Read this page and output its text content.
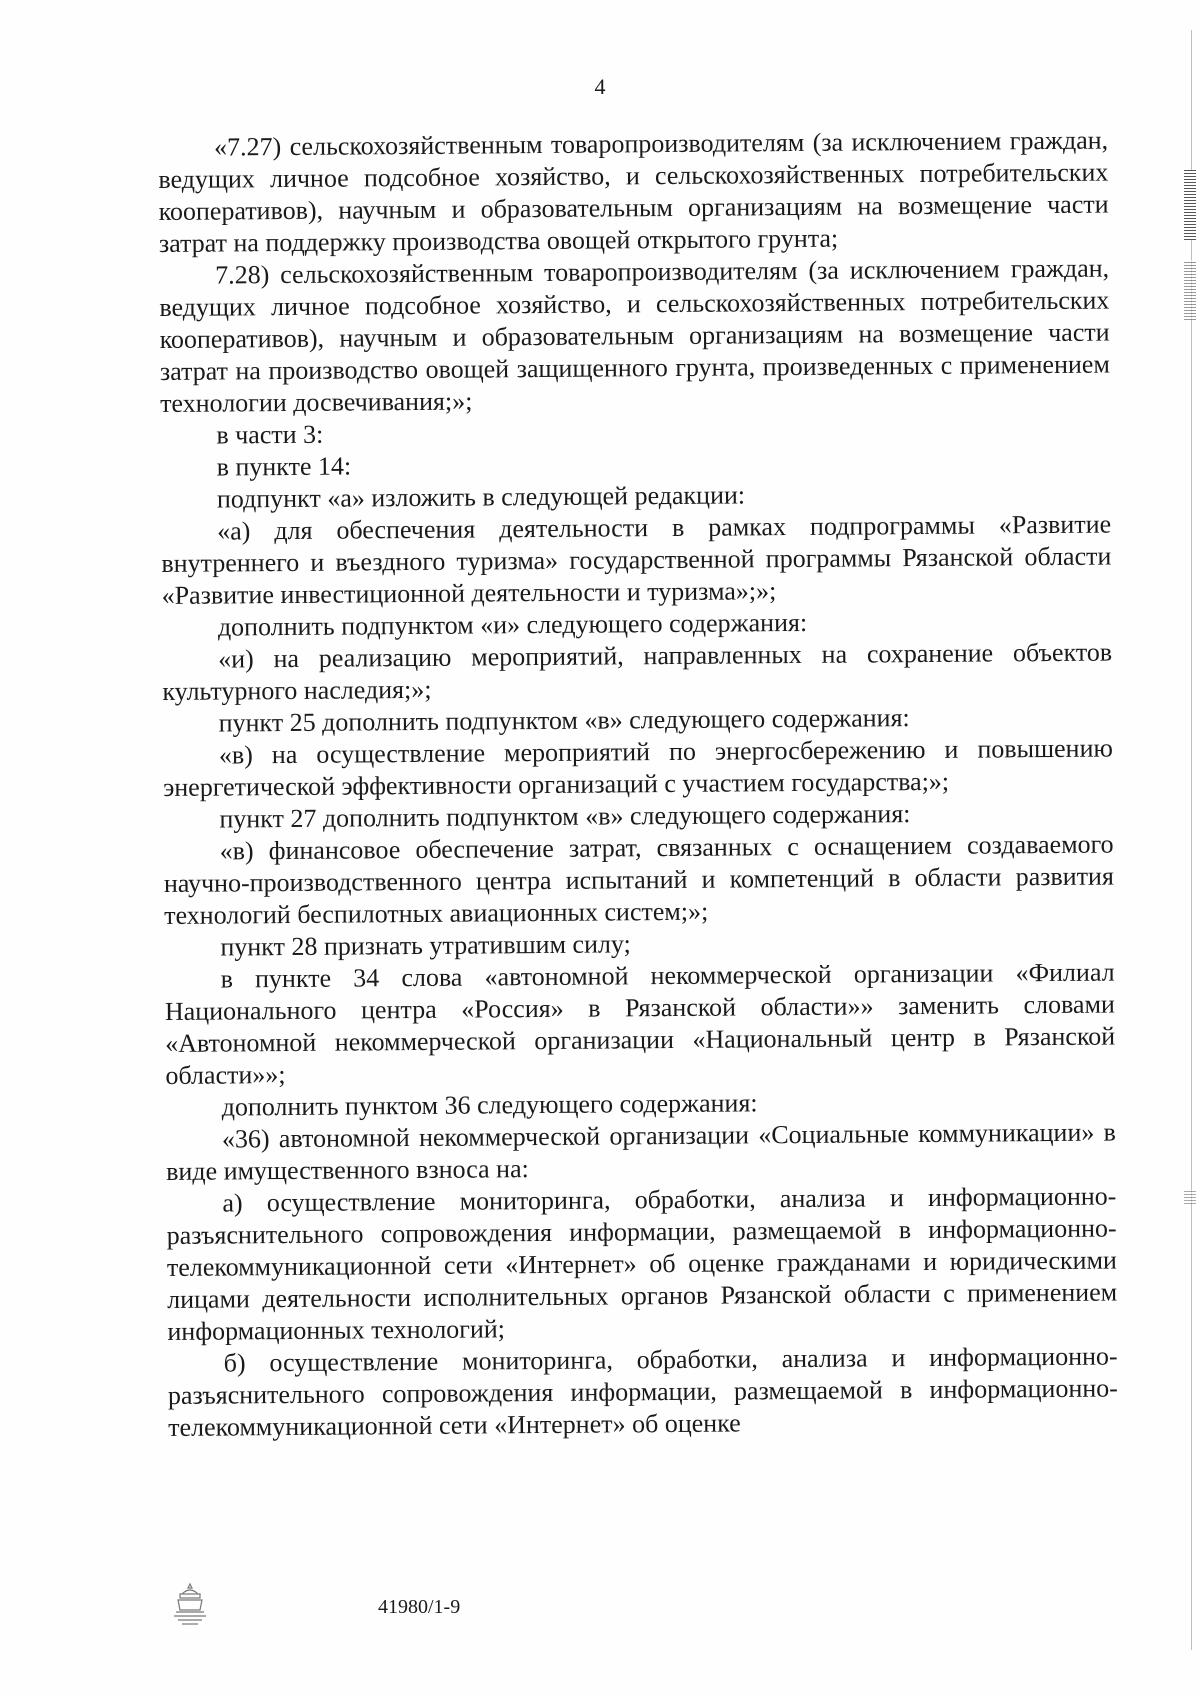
4

«7.27) сельскохозяйственным товаропроизводителям (за исключением граждан, ведущих личное подсобное хозяйство, и сельскохозяйственных потребительских кооперативов), научным и образовательным организациям на возмещение части затрат на поддержку производства овощей открытого грунта;

7.28) сельскохозяйственным товаропроизводителям (за исключением граждан, ведущих личное подсобное хозяйство, и сельскохозяйственных потребительских кооперативов), научным и образовательным организациям на возмещение части затрат на производство овощей защищенного грунта, произведенных с применением технологии досвечивания;»;

в части 3:

в пункте 14:

подпункт «а» изложить в следующей редакции:

«а) для обеспечения деятельности в рамках подпрограммы «Развитие внутреннего и въездного туризма» государственной программы Рязанской области «Развитие инвестиционной деятельности и туризма»;»;

дополнить подпунктом «и» следующего содержания:

«и) на реализацию мероприятий, направленных на сохранение объектов культурного наследия;»;

пункт 25 дополнить подпунктом «в» следующего содержания:

«в) на осуществление мероприятий по энергосбережению и повышению энергетической эффективности организаций с участием государства;»;

пункт 27 дополнить подпунктом «в» следующего содержания:

«в) финансовое обеспечение затрат, связанных с оснащением создаваемого научно-производственного центра испытаний и компетенций в области развития технологий беспилотных авиационных систем;»;

пункт 28 признать утратившим силу;

в пункте 34 слова «автономной некоммерческой организации «Филиал Национального центра «Россия» в Рязанской области»» заменить словами «Автономной некоммерческой организации «Национальный центр в Рязанской области»»;

дополнить пунктом 36 следующего содержания:

«36) автономной некоммерческой организации «Социальные коммуникации» в виде имущественного взноса на:

а) осуществление мониторинга, обработки, анализа и информационно-разъяснительного сопровождения информации, размещаемой в информационно-телекоммуникационной сети «Интернет» об оценке гражданами и юридическими лицами деятельности исполнительных органов Рязанской области с применением информационных технологий;

б) осуществление мониторинга, обработки, анализа и информационно-разъяснительного сопровождения информации, размещаемой в информационно-телекоммуникационной сети «Интернет» об оценке

41980/1-9
